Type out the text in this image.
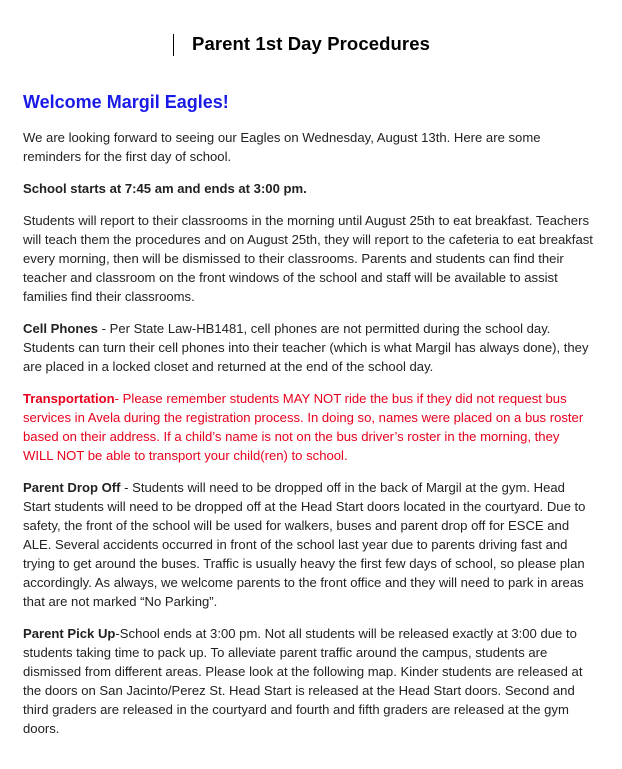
Parent 1st Day Procedures
Welcome Margil Eagles!

We are looking forward to seeing our Eagles on Wednesday, August 13th. Here are some reminders for the first day of school.

School starts at 7:45 am and ends at 3:00 pm.

Students will report to their classrooms in the morning until August 25th to eat breakfast. Teachers will teach them the procedures and on August 25th, they will report to the cafeteria to eat breakfast every morning, then will be dismissed to their classrooms. Parents and students can find their teacher and classroom on the front windows of the school and staff will be available to assist families find their classrooms.

Cell Phones - Per State Law-HB1481, cell phones are not permitted during the school day. Students can turn their cell phones into their teacher (which is what Margil has always done), they are placed in a locked closet and returned at the end of the school day.

Transportation- Please remember students MAY NOT ride the bus if they did not request bus services in Avela during the registration process. In doing so, names were placed on a bus roster based on their address. If a child’s name is not on the bus driver’s roster in the morning, they WILL NOT be able to transport your child(ren) to school.

Parent Drop Off - Students will need to be dropped off in the back of Margil at the gym. Head Start students will need to be dropped off at the Head Start doors located in the courtyard. Due to safety, the front of the school will be used for walkers, buses and parent drop off for ESCE and ALE. Several accidents occurred in front of the school last year due to parents driving fast and trying to get around the buses. Traffic is usually heavy the first few days of school, so please plan accordingly. As always, we welcome parents to the front office and they will need to park in areas that are not marked “No Parking”.

Parent Pick Up-School ends at 3:00 pm. Not all students will be released exactly at 3:00 due to students taking time to pack up. To alleviate parent traffic around the campus, students are dismissed from different areas. Please look at the following map. Kinder students are released at the doors on San Jacinto/Perez St. Head Start is released at the Head Start doors. Second and third graders are released in the courtyard and fourth and fifth graders are released at the gym doors.
